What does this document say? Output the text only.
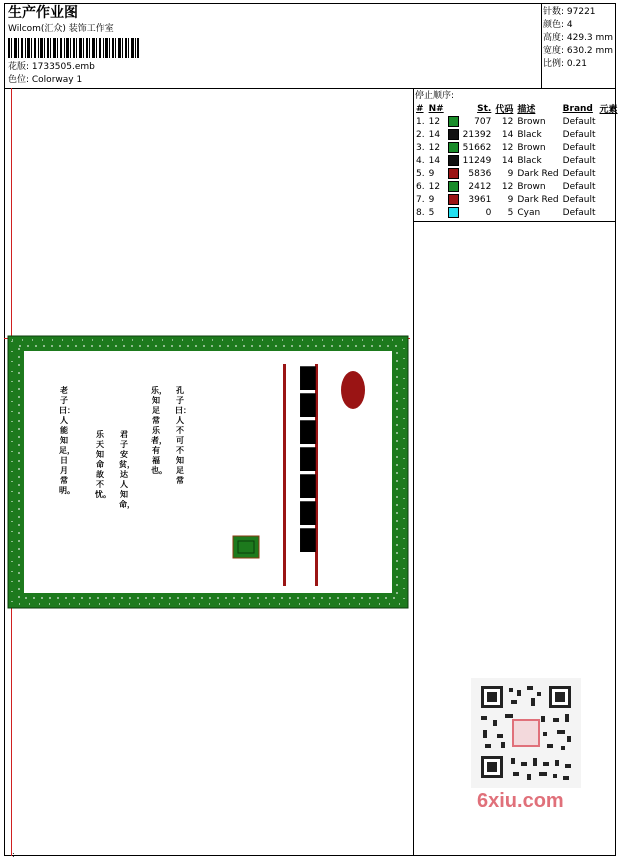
生产作业图
Wilcom(汇众) 装饰工作室
花版: 1733505.emb
色位: Colorway 1
针数: 97221
颜色: 4
高度: 429.3 mm
宽度: 630.2 mm
比例: 0.21
停止顺序:
#	N#		St.	代码	描述	Brand	元素
1.	12		707	12	Brown	Default	
2.	14		21392	14	Black	Default	
3.	12		51662	12	Brown	Default	
4.	14		11249	14	Black	Default	
5.	9		5836	9	Dark Red	Default	
6.	12		2412	12	Brown	Default	
7.	9		3961	9	Dark Red	Default	
8.	5		0	5	Cyan	Default	
█
█
█
█
█
█
█
孔子曰：人不可不知足常
乐，知足常乐者，有福也。
君子安贫，达人知命，
乐天知命故不忧。
老子曰：人能知足，日月常明。
6xiu.com
:
